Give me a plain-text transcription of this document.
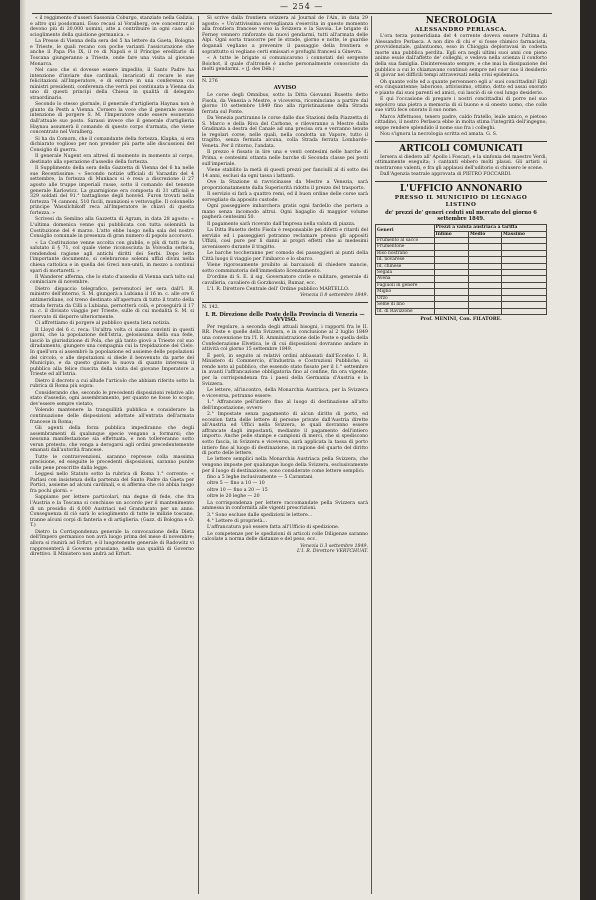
— 254 —

« il reggimento d'usseri Sassonia Coburgo, stanziato nella Galizia, e altro qui posdomani. Esso recasi al Voralberg, ove concentrar si devono più di 20,000 uomini, atte a contribuire in ogni caso allo scioglimento della quistione germanica. »

La Presse di Vienna della sera del 5 ha lettere da Gaeta, Bologna e Trieste, le quali recano con poche varianti l'assicurazione che anche il Papa Pio IX, il re di Napoli e il Principe ereditario di Toscana giungeranno a Trieste, onde fare una visita al giovane Monarca.

Nel caso che si dovesse essere impedito, il Santo Padre ha intenzione d'inviare due cardinali, incaricati di recare le sue felicitazioni all'Imperatore, e di entrare in una conferenza coi ministri presidenti, conferenza che verrà poi continuata a Vienna da uno di questi principi della Chiesa in qualità di delegato straordinario.

Secondo lo stesso giornale, il generale d'artiglieria Haynau non è giunto da Pesth a Vienna. Corsero la voce che il generale avesse intenzione di porgere S. M. l'Imperatore onde essere esonerato dall'attuale suo posto. Sarassi invece che il generale d'artiglieria Haynau assumerà il comando di questo corpo d'armata, che viene concentrato nel Voralberg.

Si ha da Comorn, che il comandante della fortezza, Klapka, si era dichiarato voglioso per non prender più parte alle discussioni del Consiglio di guerra.

Il generale Nugent era altresì di momento in momento al corpo, destinato alla operazione d'assedio della fortezza.

Il Supplimento della sera della Gazzetta di Vienna del 6 ha nelle sue Recentissime: « Secondo notizie ufficiali di Varazdin del 4 settembre, la fortezza di Munkacs si è resa a discrezione il 27 agosto alle truppe imperiali russe, sotto il comando del tenente generale Karlowicz. La guarnigione era composta di 31 ufficiali e 329 soldati del 91.° battaglione degli honvéd. Furon trovati nella fortezza 74 cannoni, 510 fucili, munizioni e vettovaglie. Il colonnello principe Wassilchikoff reca all'Imperatore le chiavi di questa fortezza. »

Scrivesi da Semlino alla Gazzetta di Agram, in data 28 agosto: « L'ultima domenica venne qui pubblicata con tutta solennità la Costituzione del 4 marzo. L'atto ebbe luogo nella sala del nostro Consiglio comunale in presenza di gran numero di popolo accorsovi.

« La Costituzione venne accolta con giubilo, e più di tutti ne fu salutato il § 71, col quale viene riconosciuta la Voivodia serbica, rendendosi ragione agli antichi diritti dei Serbi. Dopo letto l'importante documento, si celebrarono solenni uffizi divini nella chiesa cattolica e in quella dei Greci non-uniti, in mezzo a continui spari di mortaretti. »

Il Wanderer afferma, che lo stato d'assedio di Vienna sarà tolto sul cominciare di novembre.

Dietro dispaccio telegrafico, pervenutoci ier sera dall'I. R. ministro dell'interno, S. M. giungerà a Lubiana il 16 m. c. alle ore 6 antimeridiane, col treno destinato all'apertura di tutto il tratto della strada ferrata da Cilli a Lubiana, pernotterà colà, e proseguirà il 17 m. c. il divisato viaggio per Trieste, sulle di cui modalità S. M. si riservato di disporre ulteriormente.

Ci affrettiamo di porgere al pubblico questa lieta notizia.

Il Lloyd del 6 c. reca: Un'altra volta ci siamo convinti in questi giorni, che la popolazione dell'Istria, gelosissima della sua fede, lasciò la giurisdizione di Pola, che già tanto giovò a Trieste col suo diradamento, giungere una compagnia cui la trepidazione del Cielo. In quell'ora si assembrò la popolazione ed assieme delle popolazioni del circolo, e alle deputazioni si diede il benvenuto da parte del Municipio, e da questo giunse la nuova di quanto interessa il pubblico alla felice riuscita della visita del giovane Imperatore a Trieste ed all'Istria.

Dietro il decreto a cui allude l'articolo che abbiam riferito sotto la rubrica di Roma più sopra:

Considerando che, secondo le precedenti disposizioni relative allo stato d'assedio, ogni assembramento, per quanto ne fosse lo scopo, dev'essere sempre vietato;

Volendo mantenere la tranquillità pubblica e considerare la continuazione delle disposizioni adottate all'entrata dell'armata francese in Roma;

Gli agenti della forza pubblica impediranno che degli assembramenti di qualunque specie vengano a formarsi; che nessuna manifestazione sia effettuata, e non tollereranno sotto verun pretesto, che venga a derogarsi agli ordini precedentemente emanati dall'autorità francese.

Tutte le contravvenzioni, saranno represse colla massima precisione, ed eseguite le precedenti disposizioni, saranno punite colle pene prescritte dalla legge.

Leggesi nello Statuto sotto la rubrica di Roma 1.° corrente: « Parlasi con insistenza della partenza del Santo Padre da Gaeta per Portici, assieme ad alcuni cardinali, e si afferma che ciò abbia luogo fra pochi giorni. »

Sappiamo per lettere particolari, ma degne di fede, che fra l'Austria e la Toscana si conchiuse un accordo per il mantenimento di un presidio di 6,000 Austriaci nel Granducato per un anno. Conseguenza di ciò sarà lo scioglimento di tutte le milizie toscane, tranne alcuni corpi di fanteria e di artiglieria. (Gazz. di Bologna e O. T.)

Dietro la Corrispondenza generale la convocazione della Dieta dell'Impero germanico non avrà luogo prima del mese di novembre; allora si riunirà ad Erfurt, e il luogotenente generale di Radowitz vi rappresenterà il Governo prussiano, nella sua qualità di Governo direttivo. Il Ministero non andrà ad Erfurt.

Si scrive dalla frontiera svizzera al Journal de l'Ain, in data 29 agosto: « Un'attivissima sorveglianza s'esercita in questo momento alla frontiera francese verso la Svizzera e la Savoia. Le brigate di Ferney vennero rinforzate da nuovi gendarmi, tutti all'armata delle Alpi. Ogni sorta trascorre per le strade, giorno e notte, le guardie doganali vegliano a prevenire il passaggio della frontiera e soprattutto si vegliano certi emissari e profughi francesi a Ginevra.

« A tutte le brigate si comunicarono i connotati del sergente Boichot, il quale d'altronde è anche personalmente conosciuto da molti gendarmi. » (J. des Déb.)

N. 276
AVVISO

Le corse degli Omnibus, sotto la Ditta Giovanni Busetto detto Fisola, da Venezia a Mestre, e viceversa, ricominciano a partire dal giorno 10 settembre 1849 fino alla ripristinazione della Strada ferrata sul Ponte.

Da Venezia partiranno le corse dalle due Stazioni della Piazzetta di S. Marco e della Riva del Carbone, e rileveranno a Mestre dalla Gradinata a destra del Canale ad una precisa ora e verranno tenute le regolari corse, nelle quali, nella condotta un Vapore, tutto il tragitto, senza fermata alcuna, colla Strada ferrata Lombardo-Veneta. Per il ritorno, l'andata.

Il prezzo è fissato in lire una e venti centesimi nelle barche di Prima, e centesimi ottanta nelle barche di Seconda classe pei posti sull'imperiale.

Viene stabilito la metà di questi prezzi per fanciulli al di sotto dei 14 anni, esclusi da ogni tassa i lattanti.

Ove la Stazione si ravvicinasse da Mestre a Venezia, sarà proporzionatamente dalla Superiorità ridotto il prezzo del trasporto.

Il servizio si farà a quattro remi, ed il buon ordine delle corse sarà sorvegliato da apposito custode.

Ogni passeggiere imbarchera gratis ogni fardello che portera a mano senza incomodo altrui. Ogni bagaglio di maggior volume pagherà centesimi 50.

Il pagamento sarà ricevuto dall'Impresa nella valuta di piazza.

La Ditta Busetto detto Fisola è responsabile pei difetti e ritardi del servizio ed i passeggieri potranno reclamare presso gli appositi Uffizii, così pure per li danni ai propri effetti che ai medesimi avvenissero durante il tragitto.

Le barche toccheranno per comodo dei passeggieri ai punti della Città luogo il viaggio per l'imbarco e lo sbarco.

Viene rigorosamente proibito ai barcaiuoli di chiedere mancie, sotto comminatoria dell'immediato licenziamento.

D'ordine di S. E. il sig. Governatore civile e militare, generale di cavalleria, cavaliere di Gorzkowski, Rumar, ecc.

L'I. R. Direttore Centrale dell' Ordine pubblico MARTELLO.

Venezia li 8 settembre 1849.
N. 142.
I. R. Direzione delle Poste della Provincia di Venezia — AVVISO.

Per regolare, a seconda degli attuali bisogni, i rapporti fra le II. RR. Poste e quelle della Svizzera, e in conclusione al 2 luglio 1849 una convenzione tra l'I. R. Amministrazione delle Poste e quella della Confederazione Elvetica, le di cui disposizioni dovranno andare in attività col giorno 15 settembre 1849.

È però, in seguito ai relativi ordini abbassati dall'Eccelso I. R. Ministero di Commercio, d'Industria e Costruzioni Pubbliche, si rende noto al pubblico, che essendo stato fissato per il 1.° settembre in avanti l'affrancazione obbligatoria fino al confine, fin ora vigente, per la corrispondenza fra i paesi della Germania d'Austria e la Svizzera.

Le lettere, all'incontro, della Monarchia Austriaca, per la Svizzera e viceversa, potranno essere:

1.° Affrancate pell'intiero fino al luogo di destinazione all'atto dell'impostazione, ovvero

2.° Impostate senza pagamento di alcun diritto di porto, ed eccezion fatta delle lettere di persone private dall'Austria dirette all'Austria ed Uffici nella Svizzera, le quali dovranno essere affrancate dagli impostanti, mediante il pagamento dell'intiero importo. Anche pelle stampe e campioni di merci, che si spediscono sotto fascia, in Svizzera e viceversa, sarà applicata la tassa di porto intiero fino al luogo di destinazione, in ragione del quarto del diritto di porto delle lettere.

Le lettere semplici nella Monarchia Austriaca pella Svizzera, che vengono imposte per qualunque luogo della Svizzera, esclusivamente per il luogo di destinazione, sono considerate come lettere semplici:

fino a 5 leghe inclusivamente — 5 Carantani

oltre 5 — fino a 10 — 10

oltre 10 — fino a 20 — 15

oltre le 20 leghe — 20

La corrispondenza per lettere raccomandate pella Svizzera sarà ammessa in conformità alle vigenti prescrizioni.

3.° Sono escluse dalle spedizioni le lettere...

4.° Lettere di proprietà...

L'affrancatura può essere fatta all'Ufficio di spedizione.

Le competenze per le spedizioni di articoli colle Diligenze saranno calcolate a norma delle distanze e del peso, ecc.

Venezia li 3 settembre 1849.
L'I. R. Direttore VERTCHUAT.
NECROLOGIA
ALESSANDRO PERLASCA.

L'ora terza pomeridiana del 4 corrente doveva essere l'ultima di Alessandro Perlasca. A non dire di chi e' si fosse chimico farmacista, provvidenziale, galantuomo, esso in Chioggia deploravasi in codesta morte una pubblica perdita. Egli era negli ultimi suoi anni con pieno animo esule dall'affetto de' colleghi, e vedeva nella scienza il conforto della sua famiglia. Disinteressato sempre, e che mai la dissipazione del pubblico a cui lo chiamavano continuò sempre nel cuor suo il desiderio di giovar nei difficili tempi attraversati nella crisi epidemica.

Oh quante volte ed a quante pervennero egli a' suoi concittadini! Egli era cinquantenne; laborioso, attivissimo, ottimo, dotto ed assai onorato e pianto dai suoi parenti ed amici, cui lasciò di sè così lungo desiderio.

E qui l'occasione di pregare i nostri concittadini di porre nel suo sepolcro una pietra a memoria di sì buono e sì onesto uomo, che colle sue virtù fece onorato il suo nome.

Marco Affettuoso, tenero padre, caldo fratello, leale amico, e pietoso cittadino, il nostro Perlasca ebbe in molta stima l'integrità dell'ingegno, seppe rendere splendido il nome suo fra i colleghi.

Nou s'ignora la necrologia scritta ed amata. G. S.

ARTICOLI COMUNICATI

Iersera si diedero all' Apollo i Foscari, e la sinfonia del maestro Verdi, ottimamente eseguita; i cantanti ebbero molti plausi. Gli artisti si mostrarono valenti, e fra gli applausi dell'uditorio si chiusero le scene.

Dall'Agenzia teatrale approvata di PIETRO FOCCARDI.

L'UFFICIO ANNONARIO
PRESSO IL MUNICIPIO DI LEGNAGO
LISTINO
de' prezzi de' generi ceduti sul mercato del giorno 6 settembre 1849.
Generi	Prezzi a valuta austriaca a tariffa		
	Infimo	Medio	Massimo
Frumento al sacco			
Frumentone			
Riso nostrano			
Id. novarese			
Id. chinese			
Segala			
Avena			
Fagiuoli in genere			
Miglio			
Orzo			
Seme di lino			
Id. di Ravizzone			
Prof. MENINI, Con. FILATORE.
